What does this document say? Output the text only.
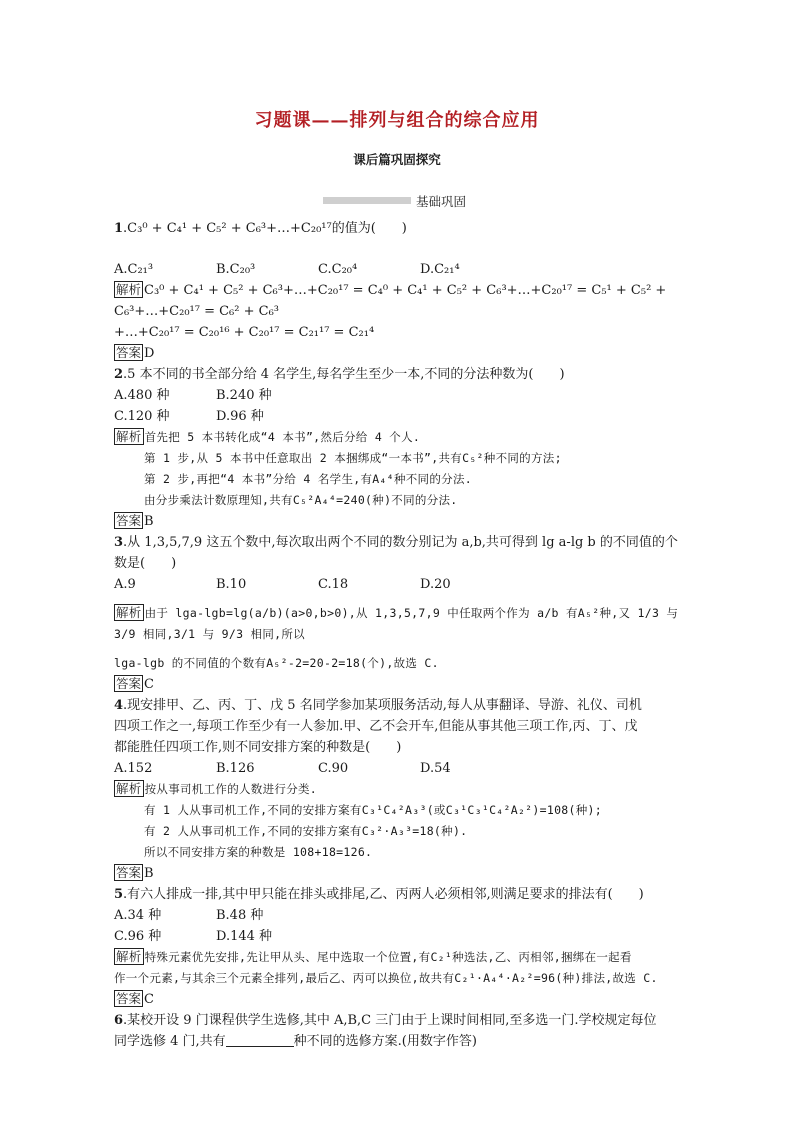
习题课——排列与组合的综合应用
课后篇巩固探究
基础巩固

1.C₃⁰ + C₄¹ + C₅² + C₆³+…+C₂₀¹⁷的值为(　　)

A.C₂₁³	B.C₂₀³	C.C₂₀⁴	D.C₂₁⁴

解析 C₃⁰ + C₄¹ + C₅² + C₆³+…+C₂₀¹⁷ = C₄⁰ + C₄¹ + C₅² + C₆³+…+C₂₀¹⁷ = C₅¹ + C₅² + C₆³+…+C₂₀¹⁷ = C₆² + C₆³

+…+C₂₀¹⁷ = C₂₀¹⁶ + C₂₀¹⁷ = C₂₁¹⁷ = C₂₁⁴

答案 D

2.5 本不同的书全部分给 4 名学生,每名学生至少一本,不同的分法种数为(　　)

A.480 种	B.240 种
C.120 种	D.96 种

解析 首先把 5 本书转化成“4 本书”,然后分给 4 个人.

第 1 步,从 5 本书中任意取出 2 本捆绑成“一本书”,共有C₅²种不同的方法;

第 2 步,再把“4 本书”分给 4 名学生,有A₄⁴种不同的分法.

由分步乘法计数原理知,共有C₅²A₄⁴=240(种)不同的分法.

答案 B

3.从 1,3,5,7,9 这五个数中,每次取出两个不同的数分别记为 a,b,共可得到 lg a-lg b 的不同值的个

数是(　　)

A.9	B.10	C.18	D.20

解析 由于 lga-lgb=lg(a/b)(a>0,b>0),从 1,3,5,7,9 中任取两个作为 a/b 有A₅²种,又 1/3 与 3/9 相同,3/1 与 9/3 相同,所以

lga-lgb 的不同值的个数有A₅²-2=20-2=18(个),故选 C.

答案 C

4.现安排甲、乙、丙、丁、戊 5 名同学参加某项服务活动,每人从事翻译、导游、礼仪、司机

四项工作之一,每项工作至少有一人参加.甲、乙不会开车,但能从事其他三项工作,丙、丁、戊

都能胜任四项工作,则不同安排方案的种数是(　　)

A.152	B.126	C.90	D.54

解析 按从事司机工作的人数进行分类.

有 1 人从事司机工作,不同的安排方案有C₃¹C₄²A₃³(或C₃¹C₃¹C₄²A₂²)=108(种);

有 2 人从事司机工作,不同的安排方案有C₃²·A₃³=18(种).

所以不同安排方案的种数是 108+18=126.

答案 B

5.有六人排成一排,其中甲只能在排头或排尾,乙、丙两人必须相邻,则满足要求的排法有(　　)

A.34 种	B.48 种
C.96 种	D.144 种

解析 特殊元素优先安排,先让甲从头、尾中选取一个位置,有C₂¹种选法,乙、丙相邻,捆绑在一起看

作一个元素,与其余三个元素全排列,最后乙、丙可以换位,故共有C₂¹·A₄⁴·A₂²=96(种)排法,故选 C.

答案 C

6.某校开设 9 门课程供学生选修,其中 A,B,C 三门由于上课时间相同,至多选一门.学校规定每位

同学选修 4 门,共有	种不同的选修方案.(用数字作答)
